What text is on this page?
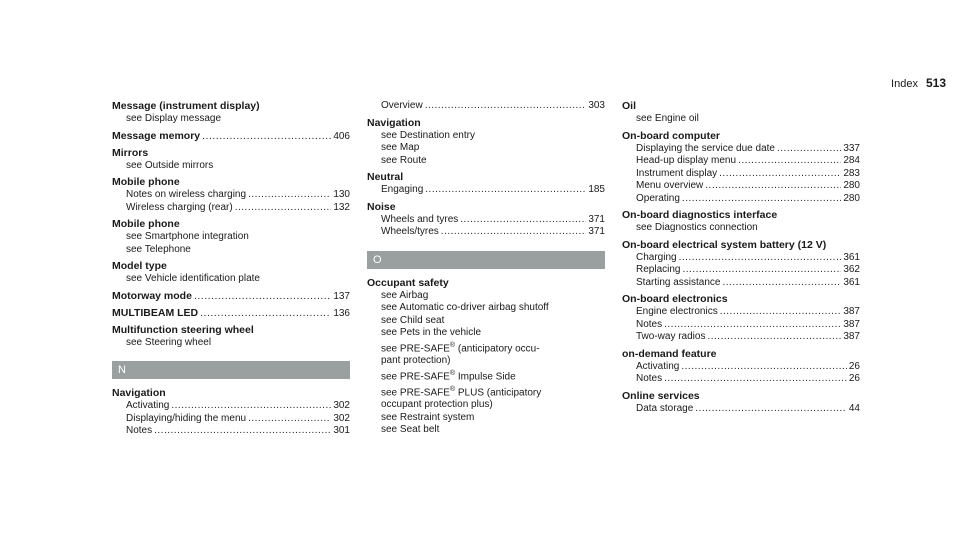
Index 513
Message (instrument display)
see Display message
Message memory .....	406
Mirrors
see Outside mirrors
Mobile phone
Notes on wireless charging .....	130
Wireless charging (rear) .....	132
Mobile phone
see Smartphone integration
see Telephone
Model type
see Vehicle identification plate
Motorway mode .....	137
MULTIBEAM LED .....	136
Multifunction steering wheel
see Steering wheel
N
Navigation
Activating .....	302
Displaying/hiding the menu .....	302
Notes .....	301
Overview .....	303
Navigation
see Destination entry
see Map
see Route
Neutral
Engaging .....	185
Noise
Wheels and tyres .....	371
Wheels/tyres .....	371
O
Occupant safety
see Airbag
see Automatic co-driver airbag shutoff
see Child seat
see Pets in the vehicle
see PRE-SAFE® (anticipatory occu-
pant protection)
see PRE-SAFE® Impulse Side
see PRE-SAFE® PLUS (anticipatory
occupant protection plus)
see Restraint system
see Seat belt
Oil
see Engine oil
On-board computer
Displaying the service due date .....	337
Head-up display menu .....	284
Instrument display .....	283
Menu overview .....	280
Operating .....	280
On-board diagnostics interface
see Diagnostics connection
On-board electrical system battery (12 V)
Charging .....	361
Replacing .....	362
Starting assistance .....	361
On-board electronics
Engine electronics .....	387
Notes .....	387
Two-way radios .....	387
on-demand feature
Activating .....	26
Notes .....	26
Online services
Data storage .....	44
